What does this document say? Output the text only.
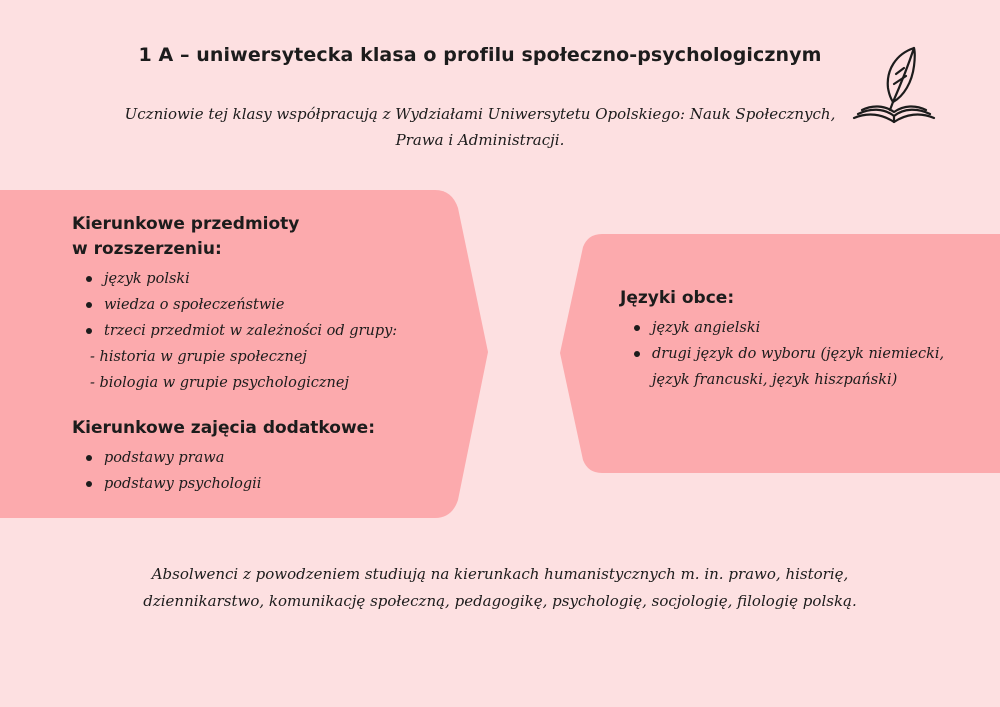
1 A – uniwersytecka klasa o profilu społeczno-psychologicznym
Uczniowie tej klasy współpracują z Wydziałami Uniwersytetu Opolskiego: Nauk Społecznych,
Prawa i Administracji.

Kierunkowe przedmioty
w rozszerzeniu:

język polski
wiedza o społeczeństwie
trzeci przedmiot w zależności od grupy:
- historia w grupie społecznej
- biologia w grupie psychologicznej

Kierunkowe zajęcia dodatkowe:

podstawy prawa
podstawy psychologii

Języki obce:

język angielski
drugi język do wyboru (język niemiecki,
język francuski, język hiszpański)
Absolwenci z powodzeniem studiują na kierunkach humanistycznych m. in. prawo, historię,
dziennikarstwo, komunikację społeczną, pedagogikę, psychologię, socjologię, filologię polską.
